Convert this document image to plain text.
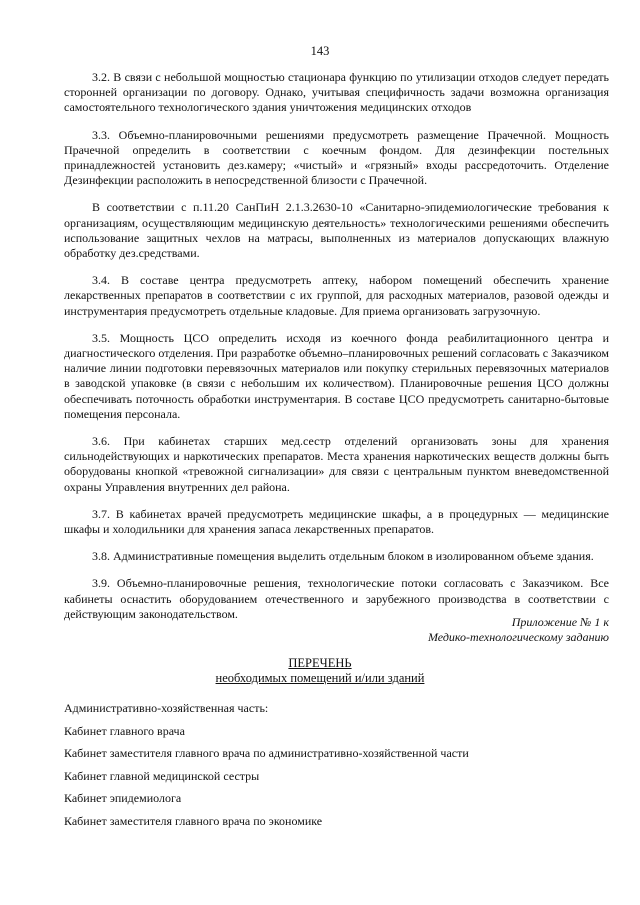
143

3.2. В связи с небольшой мощностью стационара функцию по утилизации отходов следует передать сторонней организации по договору. Однако, учитывая специфичность задачи возможна организация самостоятельного технологического здания уничтожения медицинских отходов

3.3. Объемно-планировочными решениями предусмотреть размещение Прачечной. Мощность Прачечной определить в соответствии с коечным фондом. Для дезинфекции постельных принадлежностей установить дез.камеру; «чистый» и «грязный» входы рассредоточить. Отделение Дезинфекции расположить в непосредственной близости с Прачечной.

В соответствии с п.11.20 СанПиН 2.1.3.2630-10 «Санитарно-эпидемиологические требования к организациям, осуществляющим медицинскую деятельность» технологическими решениями обеспечить использование защитных чехлов на матрасы, выполненных из материалов допускающих влажную обработку дез.средствами.

3.4. В составе центра предусмотреть аптеку, набором помещений обеспечить хранение лекарственных препаратов в соответствии с их группой, для расходных материалов, разовой одежды и инструментария предусмотреть отдельные кладовые. Для приема организовать загрузочную.

3.5. Мощность ЦСО определить исходя из коечного фонда реабилитационного центра и диагностического отделения. При разработке объемно–планировочных решений согласовать с Заказчиком наличие линии подготовки перевязочных материалов или покупку стерильных перевязочных материалов в заводской упаковке (в связи с небольшим их количеством). Планировочные решения ЦСО должны обеспечивать поточность обработки инструментария. В составе ЦСО предусмотреть санитарно-бытовые помещения персонала.

3.6. При кабинетах старших мед.сестр отделений организовать зоны для хранения сильнодействующих и наркотических препаратов. Места хранения наркотических веществ должны быть оборудованы кнопкой «тревожной сигнализации» для связи с центральным пунктом вневедомственной охраны Управления внутренних дел района.

3.7. В кабинетах врачей предусмотреть медицинские шкафы, а в процедурных — медицинские шкафы и холодильники для хранения запаса лекарственных препаратов.

3.8. Административные помещения выделить отдельным блоком в изолированном объеме здания.

3.9. Объемно-планировочные решения, технологические потоки согласовать с Заказчиком. Все кабинеты оснастить оборудованием отечественного и зарубежного производства в соответствии с действующим законодательством.

Приложение № 1 к
Медико-технологическому заданию
ПЕРЕЧЕНЬ
необходимых помещений и/или зданий
Административно-хозяйственная часть:
Кабинет главного врача
Кабинет заместителя главного врача по административно-хозяйственной части
Кабинет главной медицинской сестры
Кабинет эпидемиолога
Кабинет заместителя главного врача по экономике
